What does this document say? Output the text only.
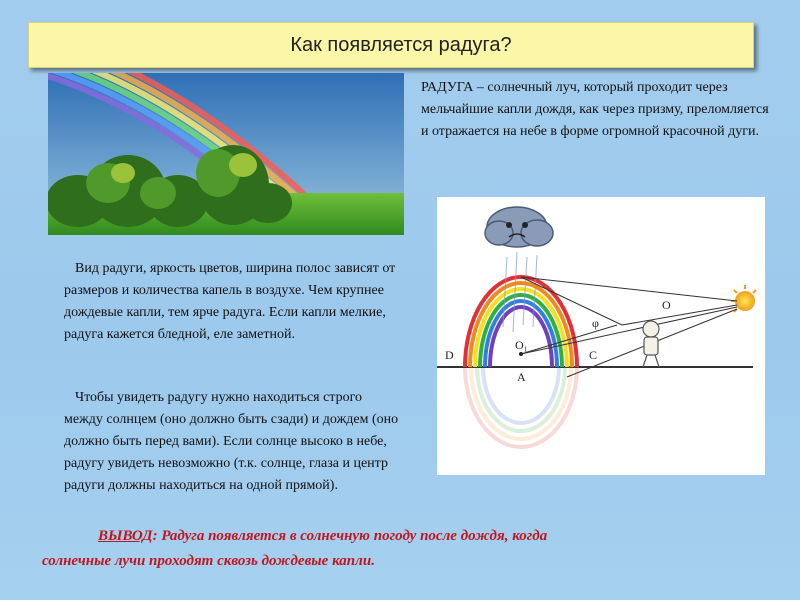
Как появляется радуга?
РАДУГА – солнечный луч, который проходит через мельчайшие капли дождя, как через призму, преломляется и отражается на небе в форме огромной красочной дуги.

Вид радуги, яркость цветов, ширина полос зависят от размеров и количества капель в воздухе. Чем крупнее дождевые капли, тем ярче радуга. Если капли мелкие, радуга кажется бледной, еле заметной.

Чтобы увидеть радугу нужно находиться строго между солнцем (оно должно быть сзади) и дождем (оно должно быть перед вами). Если солнце высоко в небе, радугу увидеть невозможно (т.к. солнце, глаза и центр радуги должны находиться на одной прямой).

O
φ
O₁
D	C
A
ВЫВОД: Радуга появляется в солнечную погоду после дождя, когда
солнечные лучи проходят сквозь дождевые капли.
